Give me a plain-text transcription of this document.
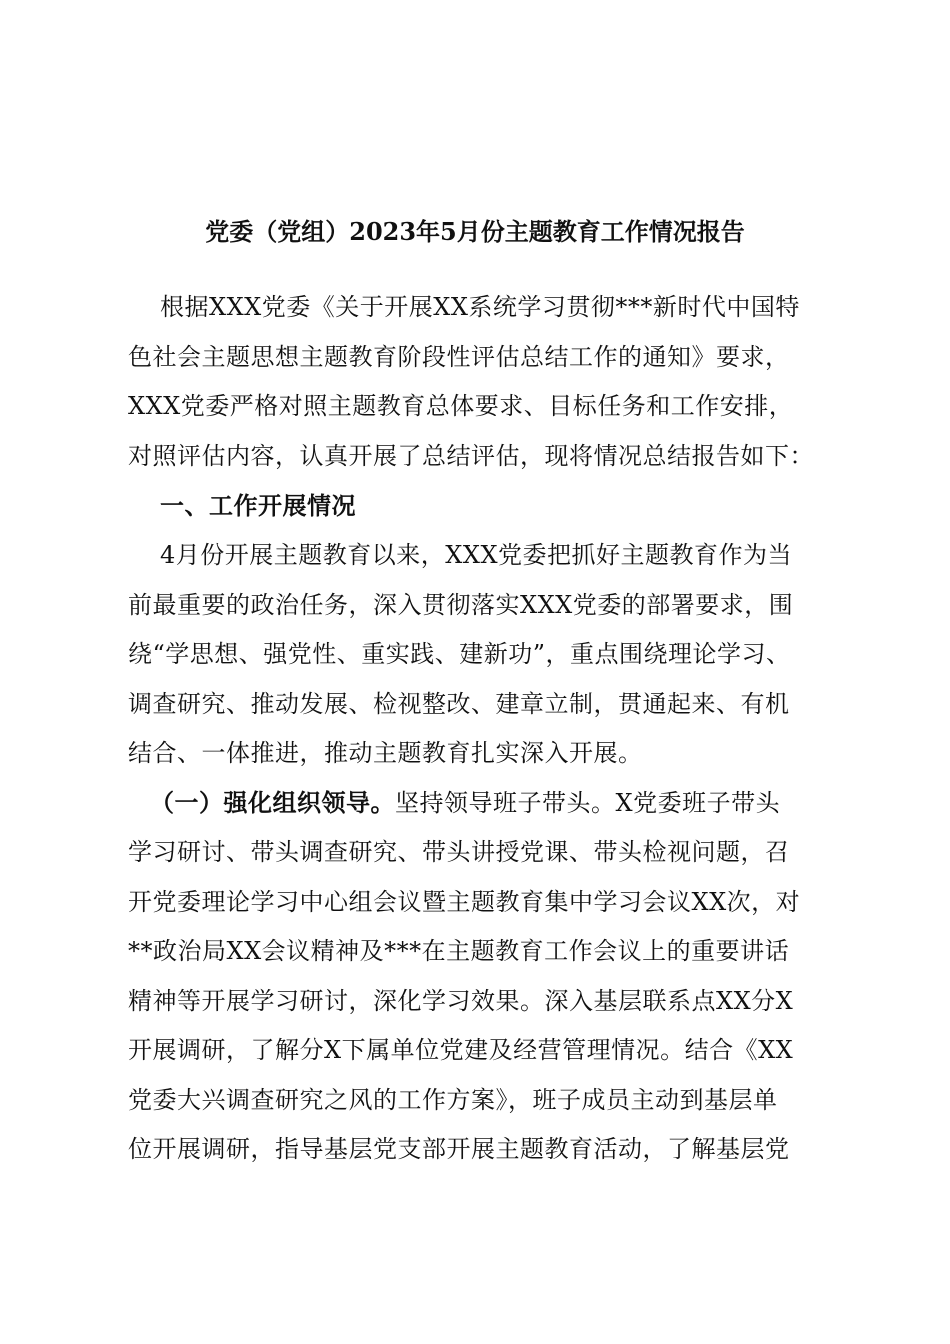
党委（党组）2023年5月份主题教育工作情况报告
根据XXX党委《关于开展XX系统学习贯彻***新时代中国特
色社会主题思想主题教育阶段性评估总结工作的通知》要求，
XXX党委严格对照主题教育总体要求、目标任务和工作安排，
对照评估内容，认真开展了总结评估，现将情况总结报告如下：
一、工作开展情况
4月份开展主题教育以来，XXX党委把抓好主题教育作为当
前最重要的政治任务，深入贯彻落实XXX党委的部署要求，围
绕“学思想、强党性、重实践、建新功”，重点围绕理论学习、
调查研究、推动发展、检视整改、建章立制，贯通起来、有机
结合、一体推进，推动主题教育扎实深入开展。
（一）强化组织领导。坚持领导班子带头。X党委班子带头
学习研讨、带头调查研究、带头讲授党课、带头检视问题，召
开党委理论学习中心组会议暨主题教育集中学习会议XX次，对
**政治局XX会议精神及***在主题教育工作会议上的重要讲话
精神等开展学习研讨，深化学习效果。深入基层联系点XX分X
开展调研，了解分X下属单位党建及经营管理情况。结合《XX
党委大兴调查研究之风的工作方案》，班子成员主动到基层单
位开展调研，指导基层党支部开展主题教育活动，了解基层党
